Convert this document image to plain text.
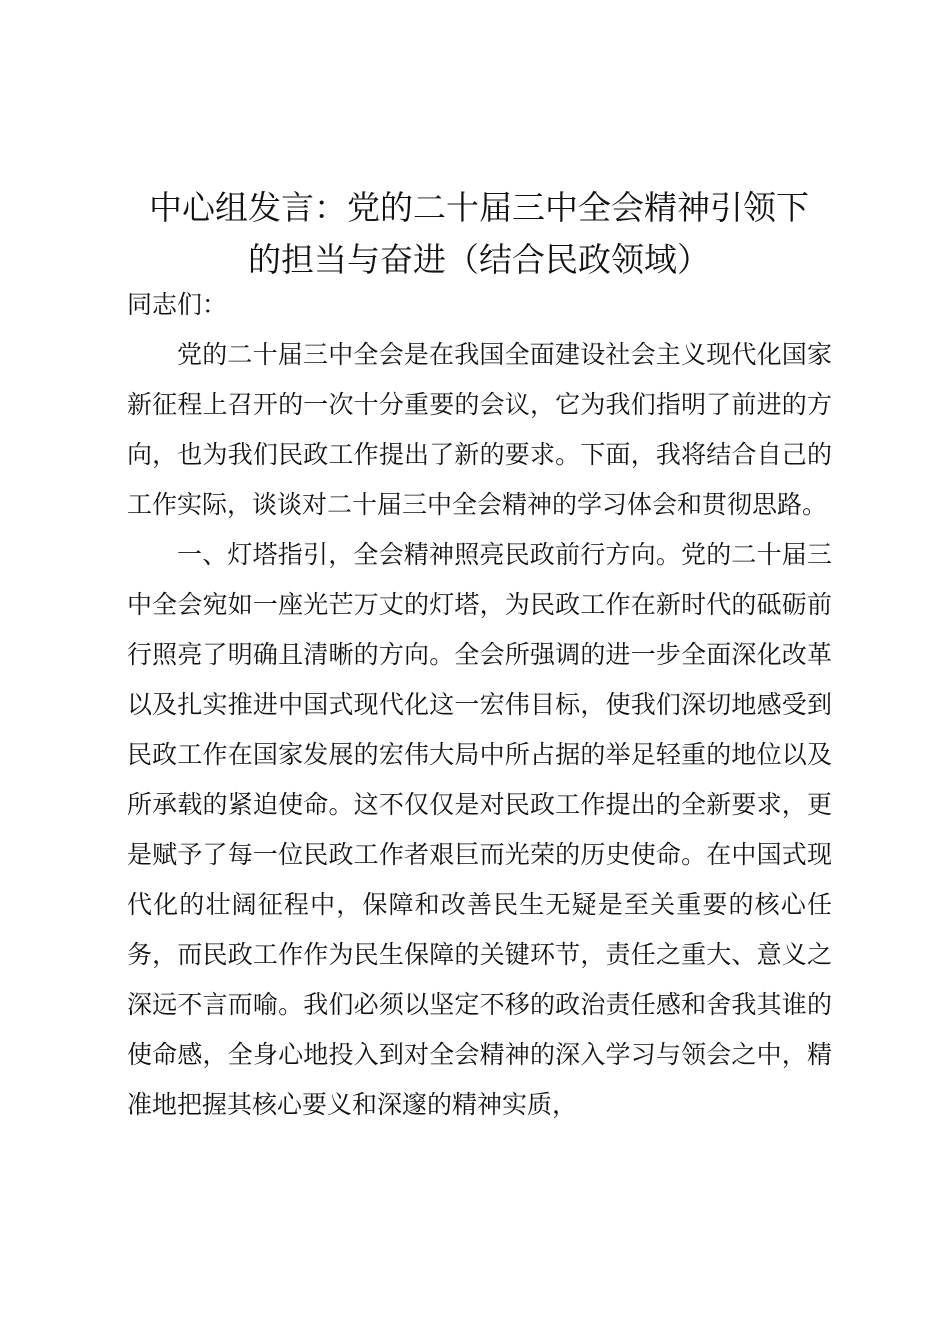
中心组发言：党的二十届三中全会精神引领下
的担当与奋进（结合民政领域）

同志们：

党的二十届三中全会是在我国全面建设社会主义现代化国家新征程上召开的一次十分重要的会议，它为我们指明了前进的方向，也为我们民政工作提出了新的要求。下面，我将结合自己的工作实际，谈谈对二十届三中全会精神的学习体会和贯彻思路。

一、灯塔指引，全会精神照亮民政前行方向。党的二十届三中全会宛如一座光芒万丈的灯塔，为民政工作在新时代的砥砺前行照亮了明确且清晰的方向。全会所强调的进一步全面深化改革以及扎实推进中国式现代化这一宏伟目标，使我们深切地感受到民政工作在国家发展的宏伟大局中所占据的举足轻重的地位以及所承载的紧迫使命。这不仅仅是对民政工作提出的全新要求，更是赋予了每一位民政工作者艰巨而光荣的历史使命。在中国式现代化的壮阔征程中，保障和改善民生无疑是至关重要的核心任务，而民政工作作为民生保障的关键环节，责任之重大、意义之深远不言而喻。我们必须以坚定不移的政治责任感和舍我其谁的使命感，全身心地投入到对全会精神的深入学习与领会之中，精准地把握其核心要义和深邃的精神实质，
